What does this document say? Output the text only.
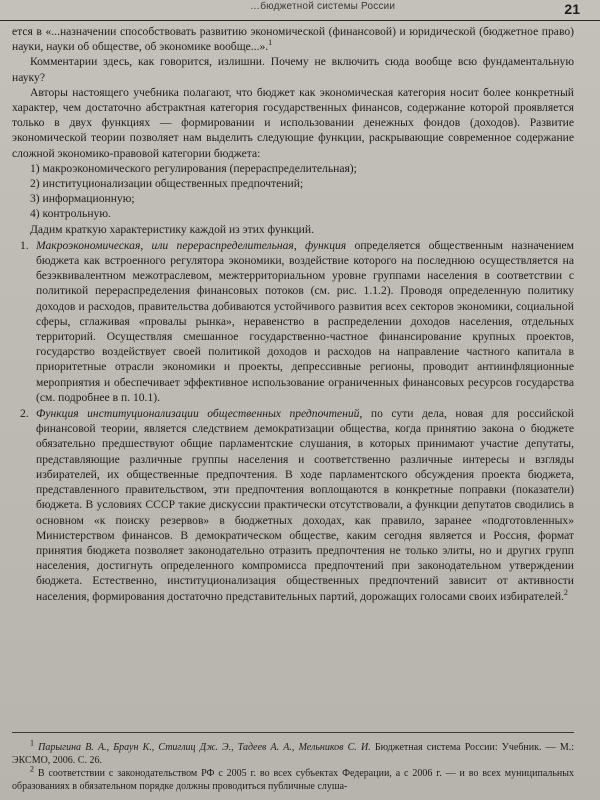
…бюджетной системы России	21

ется в «...назначении способствовать развитию экономической (финансовой) и юридической (бюджетное право) науки, науки об обществе, об экономике вообще...».$^1$

Комментарии здесь, как говорится, излишни. Почему не включить сюда вообще всю фундаментальную науку?

Авторы настоящего учебника полагают, что бюджет как экономическая категория носит более конкретный характер, чем достаточно абстрактная категория государственных финансов, содержание которой проявляется только в двух функциях — формировании и использовании денежных фондов (доходов). Развитие экономической теории позволяет нам выделить следующие функции, раскрывающие современное содержание сложной экономико-правовой категории бюджета:

1) макроэкономического регулирования (перераспределительная);
2) институционализации общественных предпочтений;
3) информационную;
4) контрольную.

Дадим краткую характеристику каждой из этих функций.

1. Макроэкономическая, или перераспределительная, функция определяется общественным назначением бюджета как встроенного регулятора экономики, воздействие которого на последнюю осуществляется на безэквивалентном межотраслевом, межтерриториальном уровне группами населения в соответствии с политикой перераспределения финансовых потоков (см. рис. 1.1.2). Проводя определенную политику доходов и расходов, правительства добиваются устойчивого развития всех секторов экономики, социальной сферы, сглаживая «провалы рынка», неравенство в распределении доходов населения, отдельных территорий. Осуществляя смешанное государственно-частное финансирование крупных проектов, государство воздействует своей политикой доходов и расходов на направление частного капитала в приоритетные отрасли экономики и проекты, депрессивные регионы, проводит антиинфляционные мероприятия и обеспечивает эффективное использование ограниченных финансовых ресурсов государства (см. подробнее в п. 10.1).
2. Функция институционализации общественных предпочтений, по сути дела, новая для российской финансовой теории, является следствием демократизации общества, когда принятию закона о бюджете обязательно предшествуют общие парламентские слушания, в которых принимают участие депутаты, представляющие различные группы населения и соответственно различные интересы и взгляды избирателей, их общественные предпочтения. В ходе парламентского обсуждения проекта бюджета, представленного правительством, эти предпочтения воплощаются в конкретные поправки (показатели) бюджета. В условиях СССР такие дискуссии практически отсутствовали, а функции депутатов сводились в основном «к поиску резервов» в бюджетных доходах, как правило, заранее «подготовленных» Министерством финансов. В демократическом обществе, каким сегодня является и Россия, формат принятия бюджета позволяет законодательно отразить предпочтения не только элиты, но и других групп населения, достигнуть определенного компромисса предпочтений при законодательном утверждении бюджета. Естественно, институционализация общественных предпочтений зависит от активности населения, формирования достаточно представительных партий, дорожащих голосами своих избирателей.$^2$

$^1$ Парыгина В. А., Браун К., Стиглиц Дж. Э., Тадеев А. А., Мельников С. И. Бюджетная система России: Учебник. — М.: ЭКСМО, 2006. С. 26.

$^2$ В соответствии с законодательством РФ с 2005 г. во всех субъектах Федерации, а с 2006 г. — и во всех муниципальных образованиях в обязательном порядке должны проводиться публичные слуша-
